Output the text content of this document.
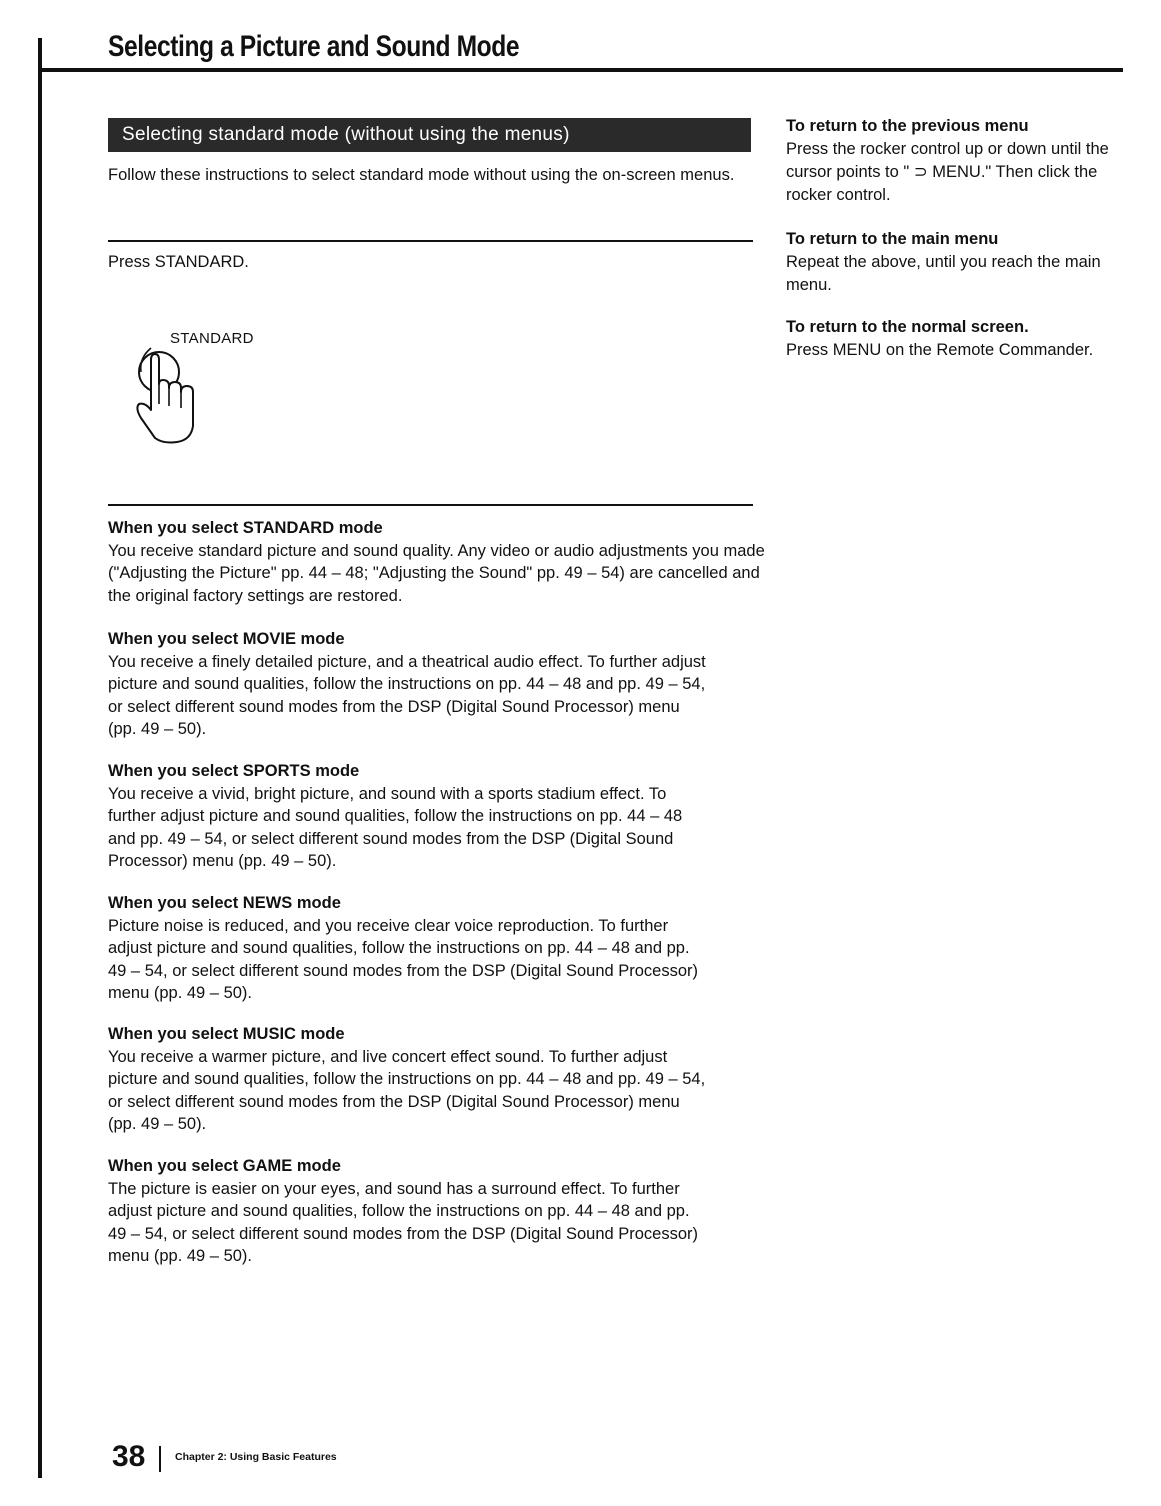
Selecting a Picture and Sound Mode
Selecting standard mode (without using the menus)
Follow these instructions to select standard mode without using the on-screen menus.
Press STANDARD.
STANDARD
When you select STANDARD mode

You receive standard picture and sound quality. Any video or audio adjustments you made ("Adjusting the Picture" pp. 44 – 48; "Adjusting the Sound" pp. 49 – 54) are cancelled and the original factory settings are restored.

When you select MOVIE mode

You receive a finely detailed picture, and a theatrical audio effect. To further adjust picture and sound qualities, follow the instructions on pp. 44 – 48 and pp. 49 – 54, or select different sound modes from the DSP (Digital Sound Processor) menu (pp. 49 – 50).

When you select SPORTS mode

You receive a vivid, bright picture, and sound with a sports stadium effect. To further adjust picture and sound qualities, follow the instructions on pp. 44 – 48 and pp. 49 – 54, or select different sound modes from the DSP (Digital Sound Processor) menu (pp. 49 – 50).

When you select NEWS mode

Picture noise is reduced, and you receive clear voice reproduction. To further adjust picture and sound qualities, follow the instructions on pp. 44 – 48 and pp. 49 – 54, or select different sound modes from the DSP (Digital Sound Processor) menu (pp. 49 – 50).

When you select MUSIC mode

You receive a warmer picture, and live concert effect sound. To further adjust picture and sound qualities, follow the instructions on pp. 44 – 48 and pp. 49 – 54, or select different sound modes from the DSP (Digital Sound Processor) menu (pp. 49 – 50).

When you select GAME mode

The picture is easier on your eyes, and sound has a surround effect. To further adjust picture and sound qualities, follow the instructions on pp. 44 – 48 and pp. 49 – 54, or select different sound modes from the DSP (Digital Sound Processor) menu (pp. 49 – 50).

To return to the previous menu

Press the rocker control up or down until the cursor points to " ⊃ MENU." Then click the rocker control.

To return to the main menu

Repeat the above, until you reach the main menu.

To return to the normal screen.

Press MENU on the Remote Commander.

38	Chapter 2: Using Basic Features
